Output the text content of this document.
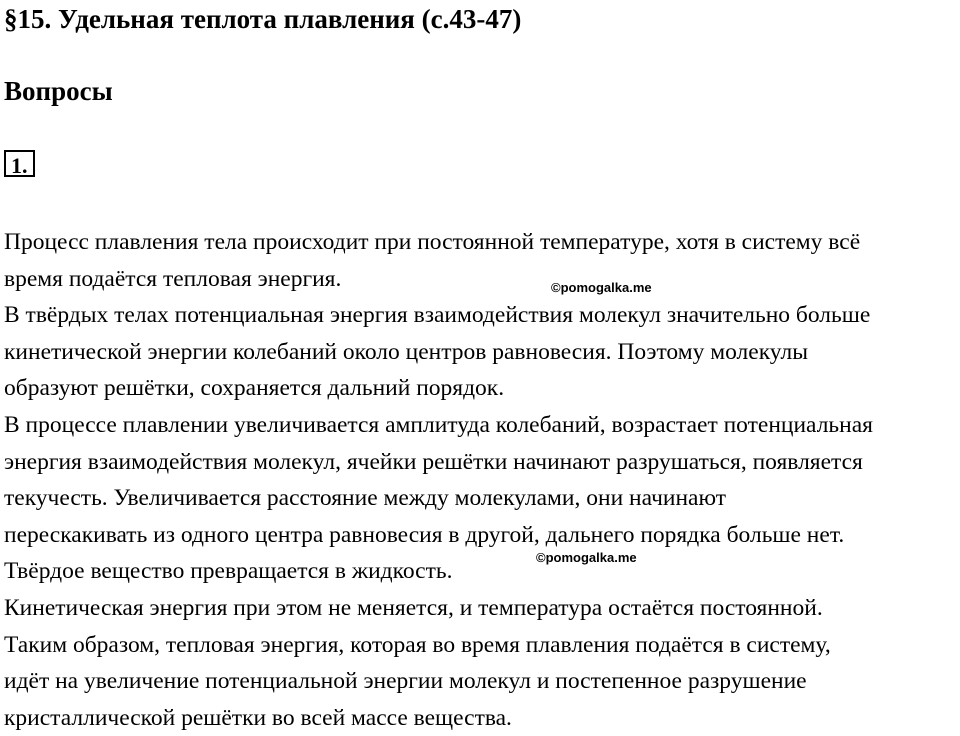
§15. Удельная теплота плавления (с.43-47)
Вопросы
1.

Процесс плавления тела происходит при постоянной температуре, хотя в систему всё
время подаётся тепловая энергия.
В твёрдых телах потенциальная энергия взаимодействия молекул значительно больше
кинетической энергии колебаний около центров равновесия. Поэтому молекулы
образуют решётки, сохраняется дальний порядок.
В процессе плавлении увеличивается амплитуда колебаний, возрастает потенциальная
энергия взаимодействия молекул, ячейки решётки начинают разрушаться, появляется
текучесть. Увеличивается расстояние между молекулами, они начинают
перескакивать из одного центра равновесия в другой, дальнего порядка больше нет.
Твёрдое вещество превращается в жидкость.
Кинетическая энергия при этом не меняется, и температура остаётся постоянной.
Таким образом, тепловая энергия, которая во время плавления подаётся в систему,
идёт на увеличение потенциальной энергии молекул и постепенное разрушение
кристаллической решётки во всей массе вещества.

©pomogalka.me
©pomogalka.me
